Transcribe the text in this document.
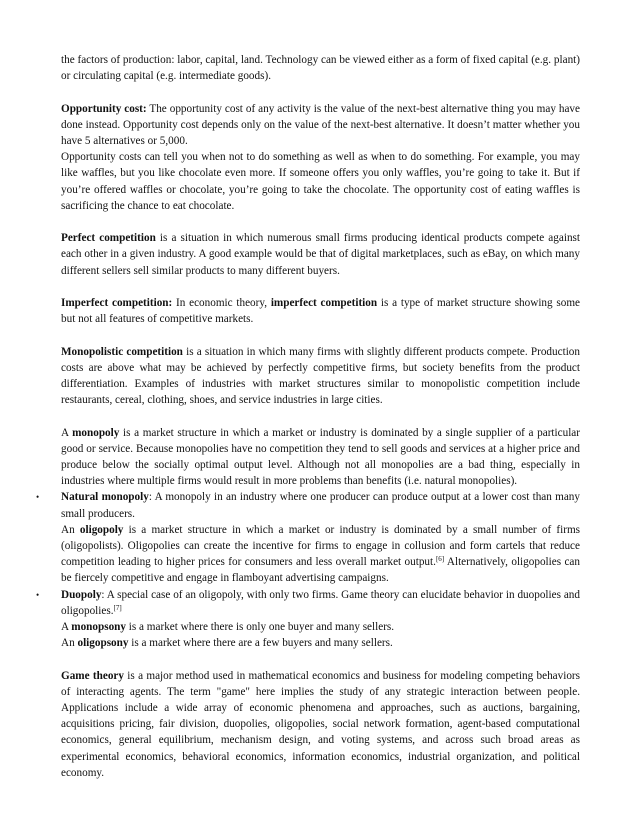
the factors of production: labor, capital, land. Technology can be viewed either as a form of fixed capital (e.g. plant) or circulating capital (e.g. intermediate goods).

Opportunity cost: The opportunity cost of any activity is the value of the next-best alternative thing you may have done instead. Opportunity cost depends only on the value of the next-best alternative. It doesn’t matter whether you have 5 alternatives or 5,000.

Opportunity costs can tell you when not to do something as well as when to do something. For example, you may like waffles, but you like chocolate even more. If someone offers you only waffles, you’re going to take it. But if you’re offered waffles or chocolate, you’re going to take the chocolate. The opportunity cost of eating waffles is sacrificing the chance to eat chocolate.

Perfect competition is a situation in which numerous small firms producing identical products compete against each other in a given industry. A good example would be that of digital marketplaces, such as eBay, on which many different sellers sell similar products to many different buyers.

Imperfect competition: In economic theory, imperfect competition is a type of market structure showing some but not all features of competitive markets.

Monopolistic competition is a situation in which many firms with slightly different products compete. Production costs are above what may be achieved by perfectly competitive firms, but society benefits from the product differentiation. Examples of industries with market structures similar to monopolistic competition include restaurants, cereal, clothing, shoes, and service industries in large cities.

A monopoly is a market structure in which a market or industry is dominated by a single supplier of a particular good or service. Because monopolies have no competition they tend to sell goods and services at a higher price and produce below the socially optimal output level. Although not all monopolies are a bad thing, especially in industries where multiple firms would result in more problems than benefits (i.e. natural monopolies).

• Natural monopoly: A monopoly in an industry where one producer can produce output at a lower cost than many small producers.

An oligopoly is a market structure in which a market or industry is dominated by a small number of firms (oligopolists). Oligopolies can create the incentive for firms to engage in collusion and form cartels that reduce competition leading to higher prices for consumers and less overall market output.[6] Alternatively, oligopolies can be fiercely competitive and engage in flamboyant advertising campaigns.

• Duopoly: A special case of an oligopoly, with only two firms. Game theory can elucidate behavior in duopolies and oligopolies.[7]

A monopsony is a market where there is only one buyer and many sellers.

An oligopsony is a market where there are a few buyers and many sellers.

Game theory is a major method used in mathematical economics and business for modeling competing behaviors of interacting agents. The term "game" here implies the study of any strategic interaction between people. Applications include a wide array of economic phenomena and approaches, such as auctions, bargaining, acquisitions pricing, fair division, duopolies, oligopolies, social network formation, agent-based computational economics, general equilibrium, mechanism design, and voting systems, and across such broad areas as experimental economics, behavioral economics, information economics, industrial organization, and political economy.
